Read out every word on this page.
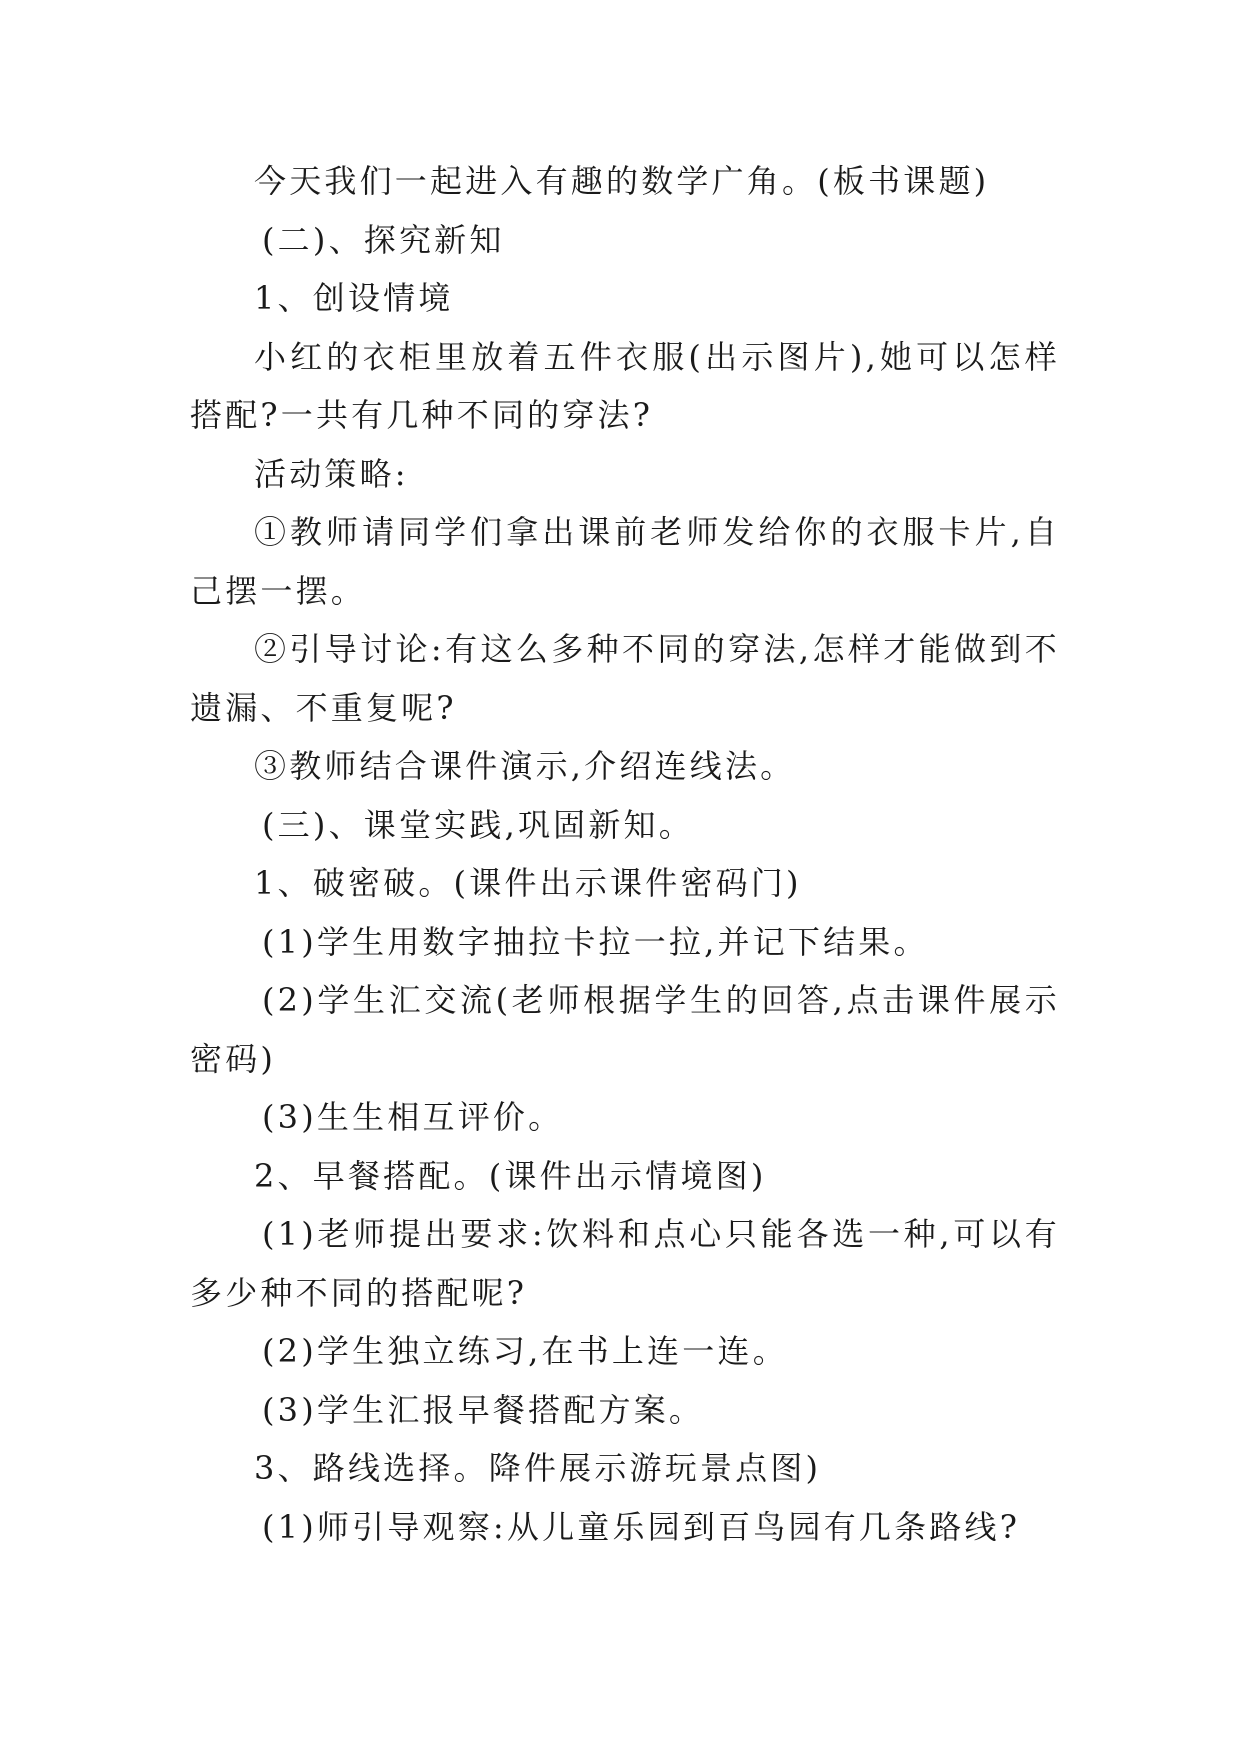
今天我们一起进入有趣的数学广角。(板书课题)

(二)、探究新知

1、创设情境

小红的衣柜里放着五件衣服(出示图片),她可以怎样搭配?一共有几种不同的穿法?

活动策略:

①教师请同学们拿出课前老师发给你的衣服卡片,自己摆一摆。

②引导讨论:有这么多种不同的穿法,怎样才能做到不遗漏、不重复呢?

③教师结合课件演示,介绍连线法。

(三)、课堂实践,巩固新知。

1、破密破。(课件出示课件密码门)

(1)学生用数字抽拉卡拉一拉,并记下结果。

(2)学生汇交流(老师根据学生的回答,点击课件展示密码)

(3)生生相互评价。

2、早餐搭配。(课件出示情境图)

(1)老师提出要求:饮料和点心只能各选一种,可以有多少种不同的搭配呢?

(2)学生独立练习,在书上连一连。

(3)学生汇报早餐搭配方案。

3、路线选择。降件展示游玩景点图)

(1)师引导观察:从儿童乐园到百鸟园有几条路线?
